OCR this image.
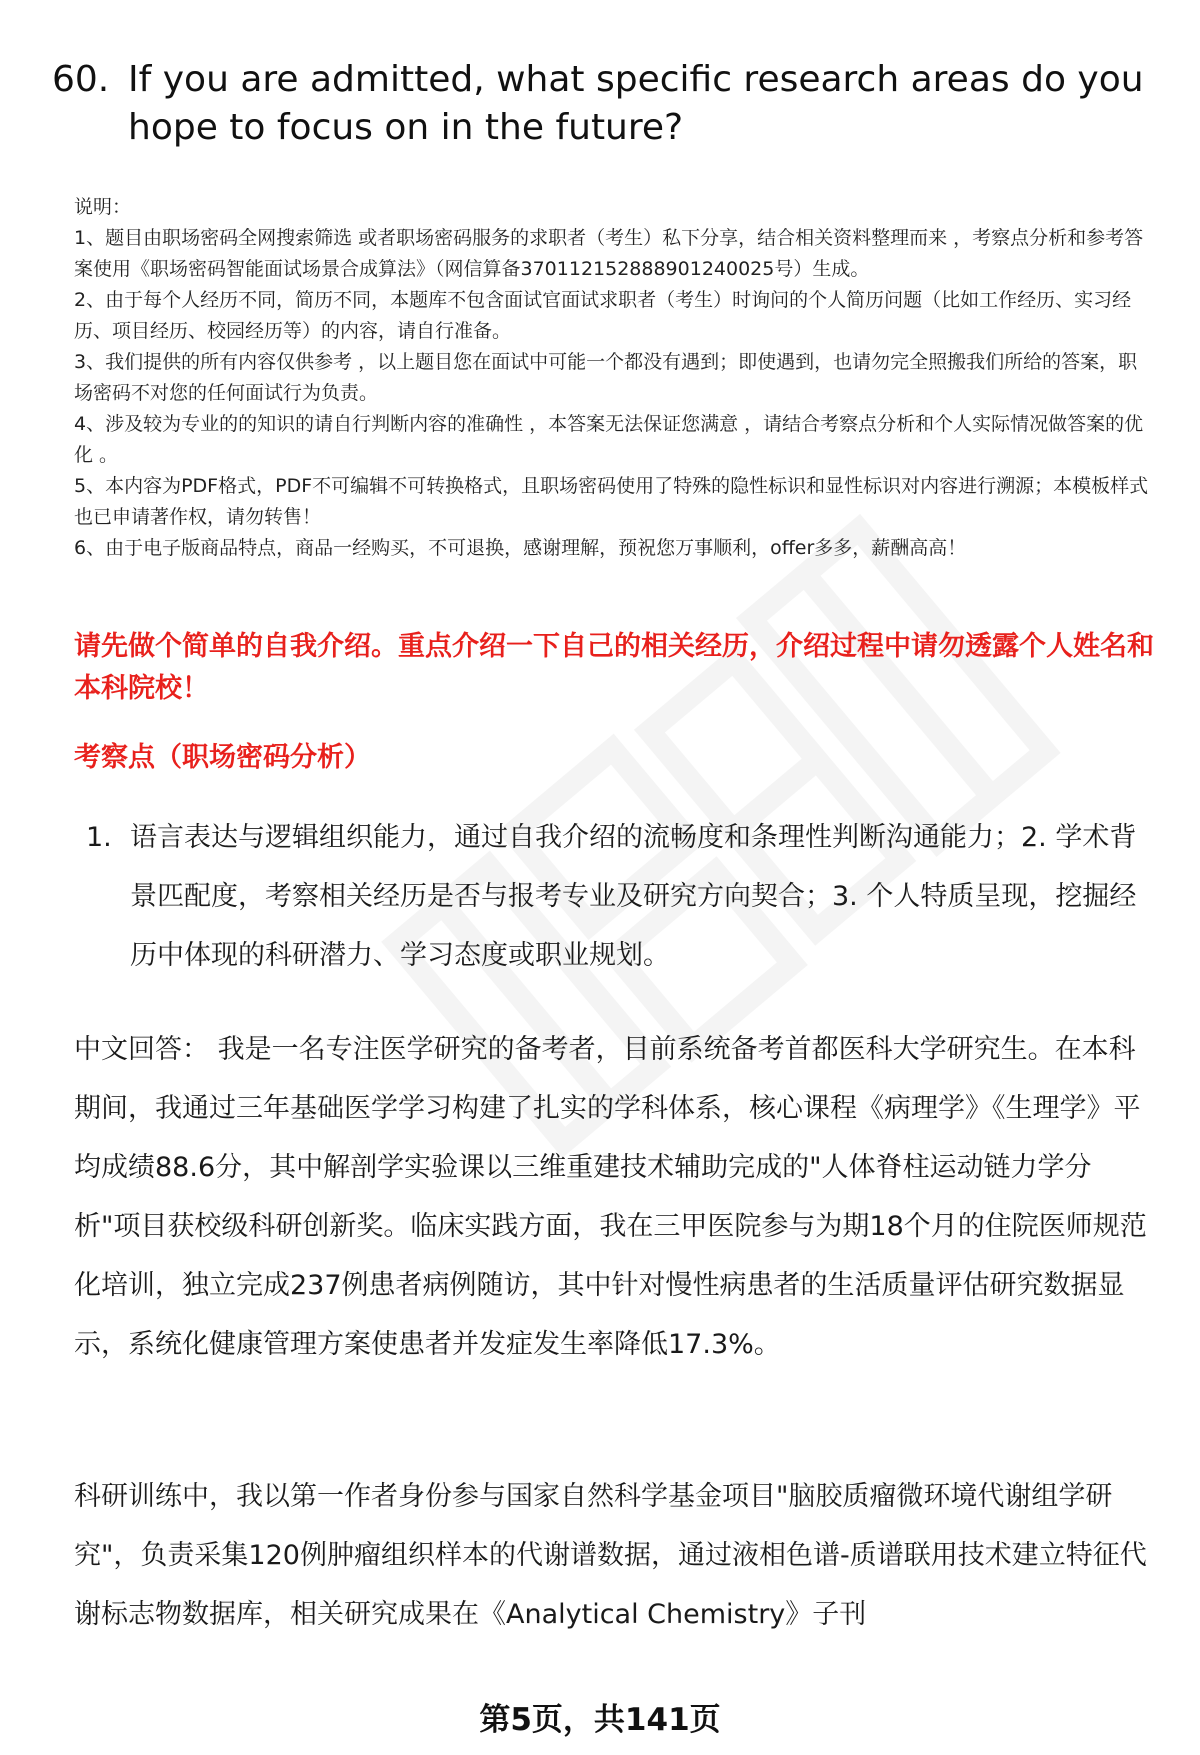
60. If you are admitted, what specific research areas do you hope to focus on in the future?
说明：
1、题目由职场密码全网搜索筛选 或者职场密码服务的求职者（考生）私下分享，结合相关资料整理而来 ，考察点分析和参考答案使用《职场密码智能面试场景合成算法》（网信算备370112152888901240025号）生成。
2、由于每个人经历不同，简历不同，本题库不包含面试官面试求职者（考生）时询问的个人简历问题（比如工作经历、实习经历、项目经历、校园经历等）的内容，请自行准备。
3、我们提供的所有内容仅供参考 ，以上题目您在面试中可能一个都没有遇到；即使遇到，也请勿完全照搬我们所给的答案，职场密码不对您的任何面试行为负责。
4、涉及较为专业的的知识的请自行判断内容的准确性 ，本答案无法保证您满意 ，请结合考察点分析和个人实际情况做答案的优化 。
5、本内容为PDF格式，PDF不可编辑不可转换格式，且职场密码使用了特殊的隐性标识和显性标识对内容进行溯源；本模板样式也已申请著作权，请勿转售！
6、由于电子版商品特点，商品一经购买，不可退换，感谢理解，预祝您万事顺利，offer多多，薪酬高高！
请先做个简单的自我介绍。重点介绍一下自己的相关经历，介绍过程中请勿透露个人姓名和本科院校！
考察点（职场密码分析）
1. 语言表达与逻辑组织能力，通过自我介绍的流畅度和条理性判断沟通能力；2. 学术背景匹配度，考察相关经历是否与报考专业及研究方向契合；3. 个人特质呈现，挖掘经历中体现的科研潜力、学习态度或职业规划。
中文回答： 我是一名专注医学研究的备考者，目前系统备考首都医科大学研究生。在本科期间，我通过三年基础医学学习构建了扎实的学科体系，核心课程《病理学》《生理学》平均成绩88.6分，其中解剖学实验课以三维重建技术辅助完成的"人体脊柱运动链力学分析"项目获校级科研创新奖。临床实践方面，我在三甲医院参与为期18个月的住院医师规范化培训，独立完成237例患者病例随访，其中针对慢性病患者的生活质量评估研究数据显示，系统化健康管理方案使患者并发症发生率降低17.3%。
科研训练中，我以第一作者身份参与国家自然科学基金项目"脑胶质瘤微环境代谢组学研究"，负责采集120例肿瘤组织样本的代谢谱数据，通过液相色谱-质谱联用技术建立特征代谢标志物数据库，相关研究成果在《Analytical Chemistry》子刊
第5页，共141页
